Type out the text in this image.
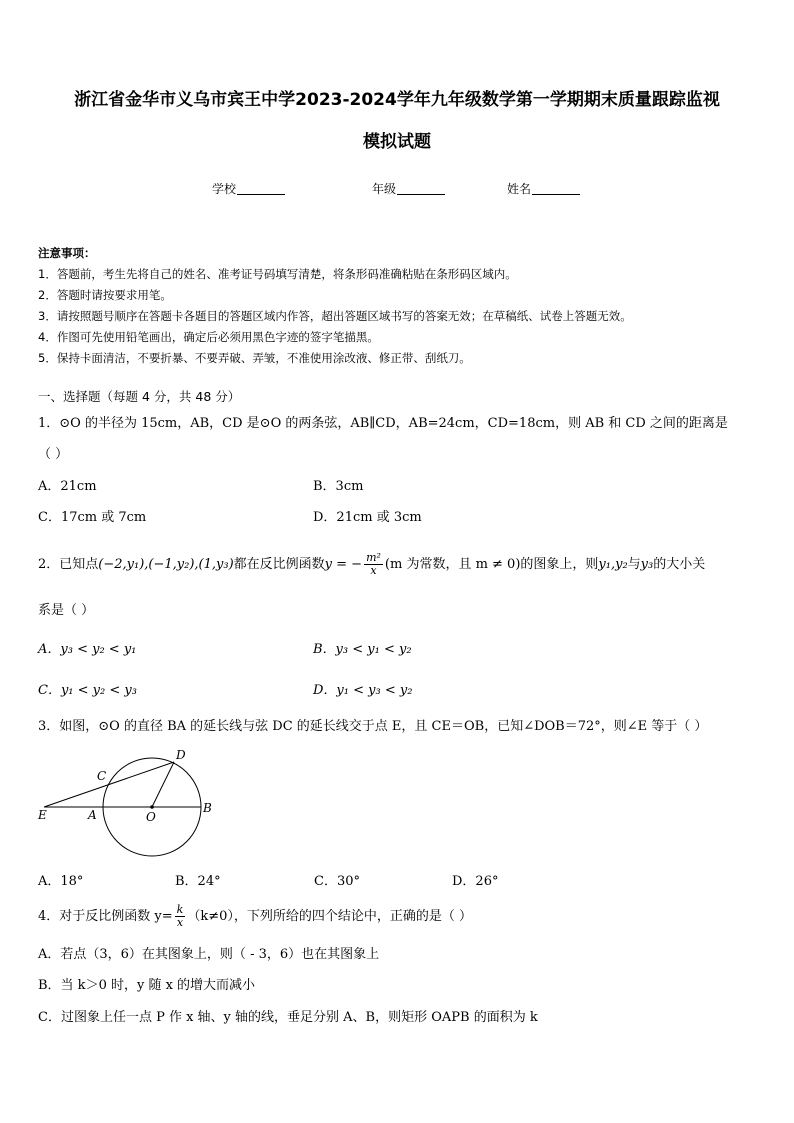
浙江省金华市义乌市宾王中学2023-2024学年九年级数学第一学期期末质量跟踪监视
模拟试题
学校	年级	姓名
注意事项：
1．答题前，考生先将自己的姓名、准考证号码填写清楚，将条形码准确粘贴在条形码区域内。
2．答题时请按要求用笔。
3．请按照题号顺序在答题卡各题目的答题区域内作答，超出答题区域书写的答案无效；在草稿纸、试卷上答题无效。
4．作图可先使用铅笔画出，确定后必须用黑色字迹的签字笔描黑。
5．保持卡面清洁，不要折暴、不要弄破、弄皱，不准使用涂改液、修正带、刮纸刀。
一、选择题（每题 4 分，共 48 分）
1．⊙O 的半径为 15cm，AB，CD 是⊙O 的两条弦，AB∥CD，AB=24cm，CD=18cm，则 AB 和 CD 之间的距离是
（ ）
A．21cm	B．3cm
C．17cm 或 7cm	D．21cm 或 3cm
2．已知点(−2,y₁),(−1,y₂),(1,y₃)都在反比例函数y = − $\frac{\text{m²}}{x} (m$ 为常数，且 m ≠ 0)的图象上，则y₁,y₂与y₃的大小关
系是（ ）
A．y₃ < y₂ < y₁	B．y₃ < y₁ < y₂
C．y₁ < y₂ < y₃	D．y₁ < y₃ < y₂
3．如图，⊙O 的直径 BA 的延长线与弦 DC 的延长线交于点 E，且 CE＝OB，已知∠DOB＝72°，则∠E 等于（ ）
D
C
E	A	O
B
A．18°	B．24°	C．30°	D．26°
4．对于反比例函数 $y= \frac{k}{x} (k\ne 0)$，下列所给的四个结论中，正确的是（ ）
A．若点（3，6）在其图象上，则（ - 3，6）也在其图象上
B．当 k＞0 时，y 随 x 的增大而减小
C．过图象上任一点 P 作 x 轴、y 轴的线，垂足分别 A、B，则矩形 OAPB 的面积为 k
